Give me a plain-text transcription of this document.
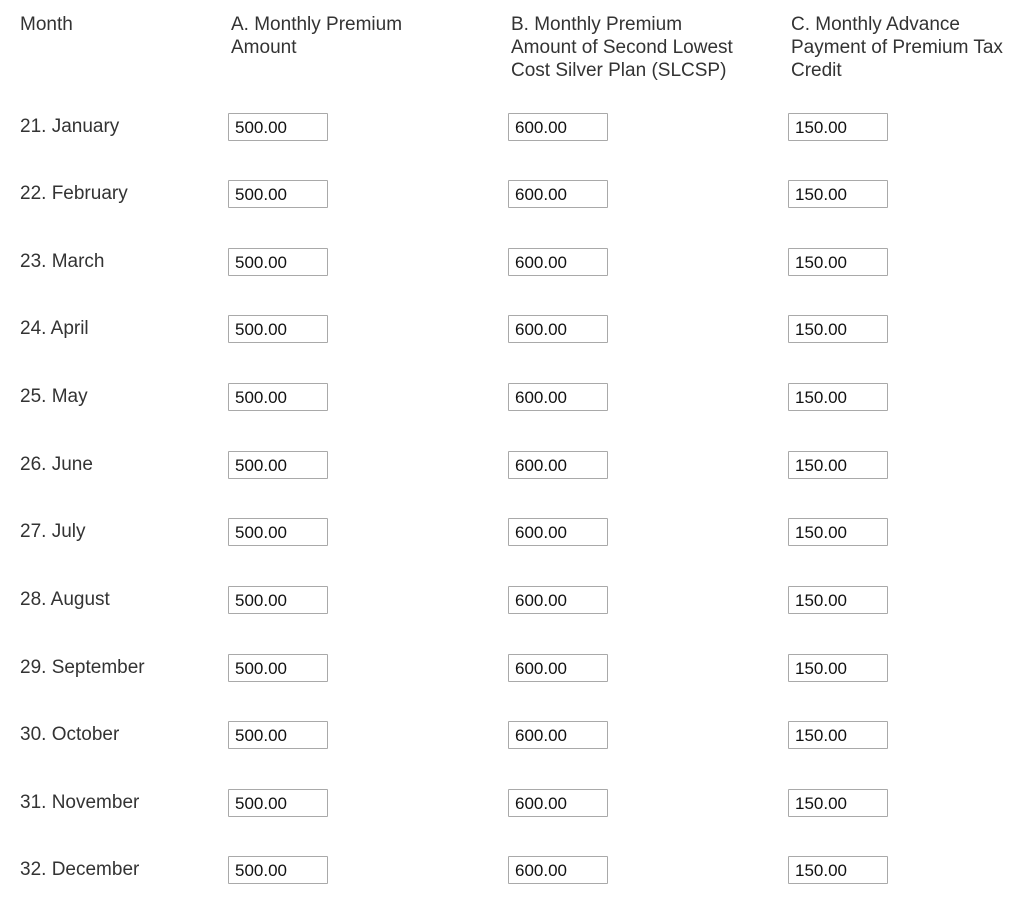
Month	A. Monthly Premium Amount
B. Monthly Premium Amount of Second Lowest Cost Silver Plan (SLCSP)
C. Monthly Advance Payment of Premium Tax Credit
21. January
500.00
600.00
150.00
22. February
500.00
600.00
150.00
23. March
500.00
600.00
150.00
24. April
500.00
600.00
150.00
25. May
500.00
600.00
150.00
26. June
500.00
600.00
150.00
27. July
500.00
600.00
150.00
28. August
500.00
600.00
150.00
29. September
500.00
600.00
150.00
30. October
500.00
600.00
150.00
31. November
500.00
600.00
150.00
32. December
500.00
600.00
150.00
